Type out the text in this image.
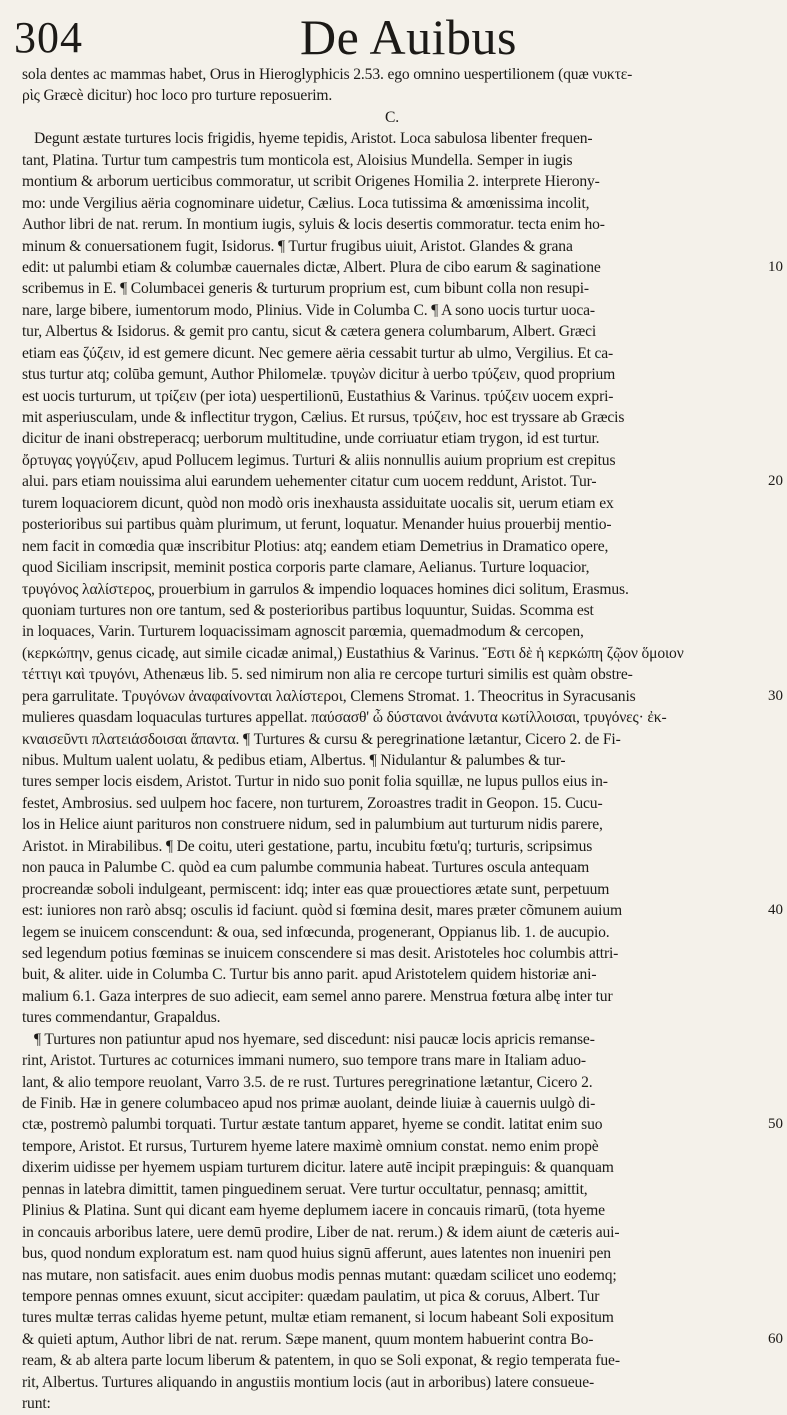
304	De Auibus
sola dentes ac mammas habet, Orus in Hieroglyphicis 2.53. ego omnino uespertilionem (quæ νυκτε-
ρὶς Græcè dicitur) hoc loco pro turture reposuerim.
C.
Degunt æstate turtures locis frigidis, hyeme tepidis, Aristot. Loca sabulosa libenter frequen-
tant, Platina. Turtur tum campestris tum monticola est, Aloisius Mundella. Semper in iugis
montium & arborum uerticibus commoratur, ut scribit Origenes Homilia 2. interprete Hierony-
mo: unde Vergilius aëria cognominare uidetur, Cælius. Loca tutissima & amœnissima incolit,
Author libri de nat. rerum. In montium iugis, syluis & locis desertis commoratur. tecta enim ho-
minum & conuersationem fugit, Isidorus. ¶ Turtur frugibus uiuit, Aristot. Glandes & grana
edit: ut palumbi etiam & columbæ cauernales dictæ, Albert. Plura de cibo earum & saginatione
scribemus in E. ¶ Columbacei generis & turturum proprium est, cum bibunt colla non resupi-
nare, large bibere, iumentorum modo, Plinius. Vide in Columba C. ¶ A sono uocis turtur uoca-
tur, Albertus & Isidorus. & gemit pro cantu, sicut & cætera genera columbarum, Albert. Græci
etiam eas ζύζειν, id est gemere dicunt. Nec gemere aëria cessabit turtur ab ulmo, Vergilius. Et ca-
stus turtur atq; colūba gemunt, Author Philomelæ. τρυγὼν dicitur à uerbo τρύζειν, quod proprium
est uocis turturum, ut τρίζειν (per iota) uespertilionū, Eustathius & Varinus. τρύζειν uocem expri-
mit asperiusculam, unde & inflectitur trygon, Cælius. Et rursus, τρύζειν, hoc est tryssare ab Græcis
dicitur de inani obstreperacq; uerborum multitudine, unde corriuatur etiam trygon, id est turtur.
ὄρτυγας γογγύζειν, apud Pollucem legimus. Turturi & aliis nonnullis auium proprium est crepitus
alui. pars etiam nouissima alui earundem uehementer citatur cum uocem reddunt, Aristot. Tur-
turem loquaciorem dicunt, quòd non modò oris inexhausta assiduitate uocalis sit, uerum etiam ex
posterioribus sui partibus quàm plurimum, ut ferunt, loquatur. Menander huius prouerbij mentio-
nem facit in comœdia quæ inscribitur Plotius: atq; eandem etiam Demetrius in Dramatico opere,
quod Siciliam inscripsit, meminit postica corporis parte clamare, Aelianus. Turture loquacior,
τρυγόνος λαλίστερος, prouerbium in garrulos & impendio loquaces homines dici solitum, Erasmus.
quoniam turtures non ore tantum, sed & posterioribus partibus loquuntur, Suidas. Scomma est
in loquaces, Varin. Turturem loquacissimam agnoscit parœmia, quemadmodum & cercopen,
(κερκώπην, genus cicadę, aut simile cicadæ animal,) Eustathius & Varinus. Ἔστι δὲ ἡ κερκώπη ζῷον ὅμοιον
τέττιγι καὶ τρυγόνι, Athenæus lib. 5. sed nimirum non alia re cercope turturi similis est quàm obstre-
pera garrulitate. Τρυγόνων ἀναφαίνονται λαλίστεροι, Clemens Stromat. 1. Theocritus in Syracusanis
mulieres quasdam loquaculas turtures appellat. παύσασθ' ὦ δύστανοι ἀνάνυτα κωτίλλοισαι, τρυγόνες· ἐκ-
κναισεῦντι πλατειάσδοισαι ἅπαντα. ¶ Turtures & cursu & peregrinatione lætantur, Cicero 2. de Fi-
nibus. Multum ualent uolatu, & pedibus etiam, Albertus. ¶ Nidulantur & palumbes & tur-
tures semper locis eisdem, Aristot. Turtur in nido suo ponit folia squillæ, ne lupus pullos eius in-
festet, Ambrosius. sed uulpem hoc facere, non turturem, Zoroastres tradit in Geopon. 15. Cucu-
los in Helice aiunt parituros non construere nidum, sed in palumbium aut turturum nidis parere,
Aristot. in Mirabilibus. ¶ De coitu, uteri gestatione, partu, incubitu fœtu'q; turturis, scripsimus
non pauca in Palumbe C. quòd ea cum palumbe communia habeat. Turtures oscula antequam
procreandæ soboli indulgeant, permiscent: idq; inter eas quæ prouectiores ætate sunt, perpetuum
est: iuniores non rarò absq; osculis id faciunt. quòd si fœmina desit, mares præter cõmunem auium
legem se inuicem conscendunt: & oua, sed infœcunda, progenerant, Oppianus lib. 1. de aucupio.
sed legendum potius fœminas se inuicem conscendere si mas desit. Aristoteles hoc columbis attri-
buit, & aliter. uide in Columba C. Turtur bis anno parit. apud Aristotelem quidem historiæ ani-
malium 6.1. Gaza interpres de suo adiecit, eam semel anno parere. Menstrua fœtura albę inter tur
tures commendantur, Grapaldus.
¶ Turtures non patiuntur apud nos hyemare, sed discedunt: nisi paucæ locis apricis remanse-
rint, Aristot. Turtures ac coturnices immani numero, suo tempore trans mare in Italiam aduo-
lant, & alio tempore reuolant, Varro 3.5. de re rust. Turtures peregrinatione lætantur, Cicero 2.
de Finib. Hæ in genere columbaceo apud nos primæ auolant, deinde liuiæ à cauernis uulgò di-
ctæ, postremò palumbi torquati. Turtur æstate tantum apparet, hyeme se condit. latitat enim suo
tempore, Aristot. Et rursus, Turturem hyeme latere maximè omnium constat. nemo enim propè
dixerim uidisse per hyemem uspiam turturem dicitur. latere autē incipit præpinguis: & quanquam
pennas in latebra dimittit, tamen pinguedinem seruat. Vere turtur occultatur, pennasq; amittit,
Plinius & Platina. Sunt qui dicant eam hyeme deplumem iacere in concauis rimarū, (tota hyeme
in concauis arboribus latere, uere demū prodire, Liber de nat. rerum.) & idem aiunt de cæteris aui-
bus, quod nondum exploratum est. nam quod huius signū afferunt, aues latentes non inueniri pen
nas mutare, non satisfacit. aues enim duobus modis pennas mutant: quædam scilicet uno eodemq;
tempore pennas omnes exuunt, sicut accipiter: quædam paulatim, ut pica & coruus, Albert. Tur
tures multæ terras calidas hyeme petunt, multæ etiam remanent, si locum habeant Soli expositum
& quieti aptum, Author libri de nat. rerum. Sæpe manent, quum montem habuerint contra Bo-
ream, & ab altera parte locum liberum & patentem, in quo se Soli exponat, & regio temperata fue-
rit, Albertus. Turtures aliquando in angustiis montium locis (aut in arboribus) latere consueue-
runt:
10
20
30
40
50
60
